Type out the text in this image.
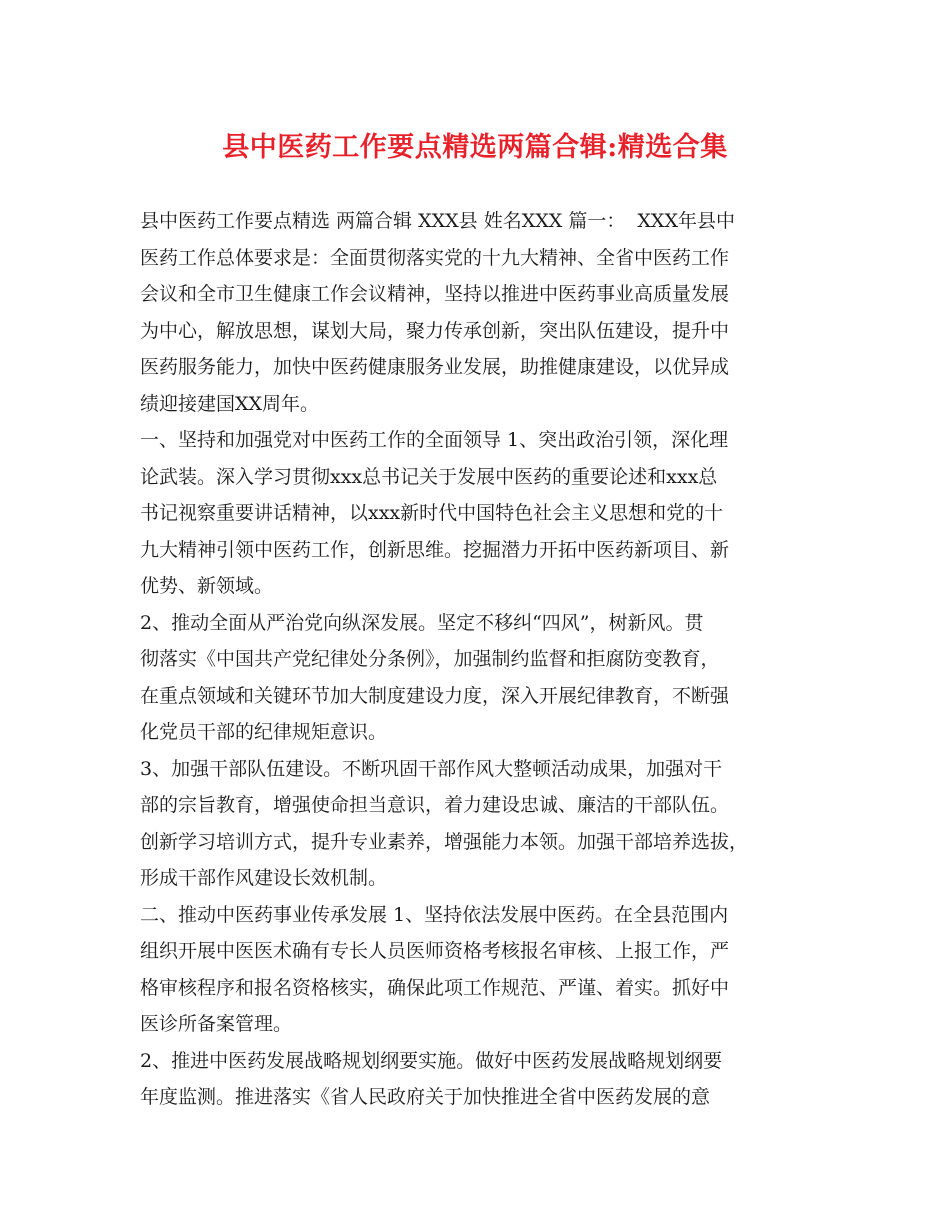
县中医药工作要点精选两篇合辑:精选合集
县中医药工作要点精选 两篇合辑 XXX县 姓名XXX 篇一：  XXX年县中
医药工作总体要求是：全面贯彻落实党的十九大精神、全省中医药工作
会议和全市卫生健康工作会议精神，坚持以推进中医药事业高质量发展
为中心，解放思想，谋划大局，聚力传承创新，突出队伍建设，提升中
医药服务能力，加快中医药健康服务业发展，助推健康建设，以优异成
绩迎接建国XX周年。
一、坚持和加强党对中医药工作的全面领导 1、突出政治引领，深化理
论武装。深入学习贯彻xxx总书记关于发展中医药的重要论述和xxx总
书记视察重要讲话精神，以xxx新时代中国特色社会主义思想和党的十
九大精神引领中医药工作，创新思维。挖掘潜力开拓中医药新项目、新
优势、新领域。
2、推动全面从严治党向纵深发展。坚定不移纠“四风”，树新风。贯
彻落实《中国共产党纪律处分条例》，加强制约监督和拒腐防变教育，
在重点领域和关键环节加大制度建设力度，深入开展纪律教育，不断强
化党员干部的纪律规矩意识。
3、加强干部队伍建设。不断巩固干部作风大整顿活动成果，加强对干
部的宗旨教育，增强使命担当意识，着力建设忠诚、廉洁的干部队伍。
创新学习培训方式，提升专业素养，增强能力本领。加强干部培养选拔，
形成干部作风建设长效机制。
二、推动中医药事业传承发展 1、坚持依法发展中医药。在全县范围内
组织开展中医医术确有专长人员医师资格考核报名审核、上报工作，严
格审核程序和报名资格核实，确保此项工作规范、严谨、着实。抓好中
医诊所备案管理。
2、推进中医药发展战略规划纲要实施。做好中医药发展战略规划纲要
年度监测。推进落实《省人民政府关于加快推进全省中医药发展的意
